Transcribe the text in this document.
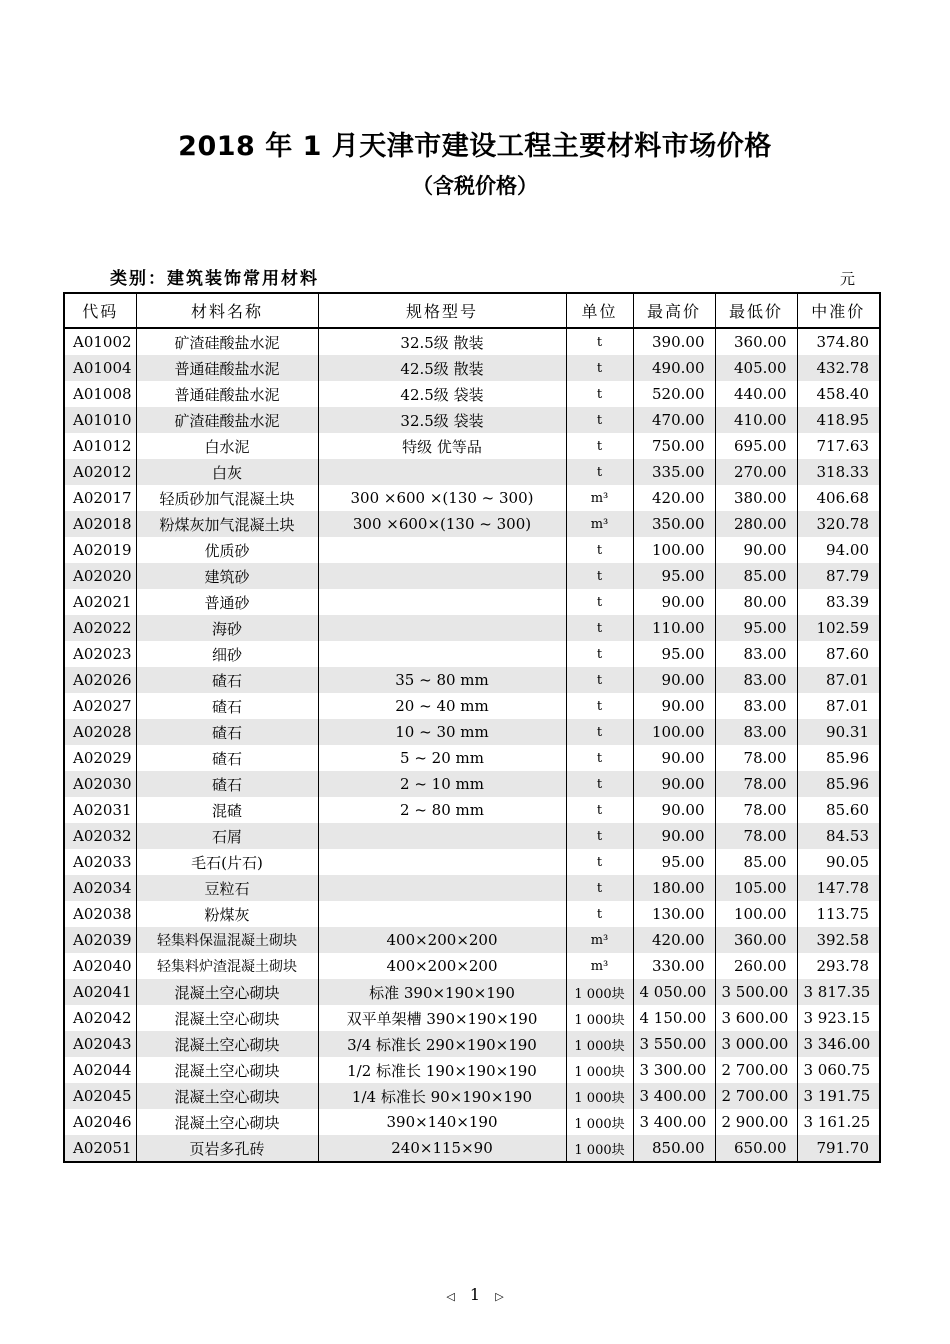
2018 年 1 月天津市建设工程主要材料市场价格
（含税价格）
类别：建筑装饰常用材料	元
代码	材料名称	规格型号	单位	最高价	最低价	中准价
A01002	矿渣硅酸盐水泥	32.5级 散装	t	390.00	360.00	374.80
A01004	普通硅酸盐水泥	42.5级 散装	t	490.00	405.00	432.78
A01008	普通硅酸盐水泥	42.5级 袋装	t	520.00	440.00	458.40
A01010	矿渣硅酸盐水泥	32.5级 袋装	t	470.00	410.00	418.95
A01012	白水泥	特级 优等品	t	750.00	695.00	717.63
A02012	白灰		t	335.00	270.00	318.33
A02017	轻质砂加气混凝土块	300 ×600 ×(130 ~ 300)	m³	420.00	380.00	406.68
A02018	粉煤灰加气混凝土块	300 ×600×(130 ~ 300)	m³	350.00	280.00	320.78
A02019	优质砂		t	100.00	90.00	94.00
A02020	建筑砂		t	95.00	85.00	87.79
A02021	普通砂		t	90.00	80.00	83.39
A02022	海砂		t	110.00	95.00	102.59
A02023	细砂		t	95.00	83.00	87.60
A02026	碴石	35 ~ 80 mm	t	90.00	83.00	87.01
A02027	碴石	20 ~ 40 mm	t	90.00	83.00	87.01
A02028	碴石	10 ~ 30 mm	t	100.00	83.00	90.31
A02029	碴石	5 ~ 20 mm	t	90.00	78.00	85.96
A02030	碴石	2 ~ 10 mm	t	90.00	78.00	85.96
A02031	混碴	2 ~ 80 mm	t	90.00	78.00	85.60
A02032	石屑		t	90.00	78.00	84.53
A02033	毛石(片石)		t	95.00	85.00	90.05
A02034	豆粒石		t	180.00	105.00	147.78
A02038	粉煤灰		t	130.00	100.00	113.75
A02039	轻集料保温混凝土砌块	400×200×200	m³	420.00	360.00	392.58
A02040	轻集料炉渣混凝土砌块	400×200×200	m³	330.00	260.00	293.78
A02041	混凝土空心砌块	标准 390×190×190	1 000块	4 050.00	3 500.00	3 817.35
A02042	混凝土空心砌块	双平单架槽 390×190×190	1 000块	4 150.00	3 600.00	3 923.15
A02043	混凝土空心砌块	3/4 标准长 290×190×190	1 000块	3 550.00	3 000.00	3 346.00
A02044	混凝土空心砌块	1/2 标准长 190×190×190	1 000块	3 300.00	2 700.00	3 060.75
A02045	混凝土空心砌块	1/4 标准长 90×190×190	1 000块	3 400.00	2 700.00	3 191.75
A02046	混凝土空心砌块	390×140×190	1 000块	3 400.00	2 900.00	3 161.25
A02051	页岩多孔砖	240×115×90	1 000块	850.00	650.00	791.70
◁ 1 ▷
